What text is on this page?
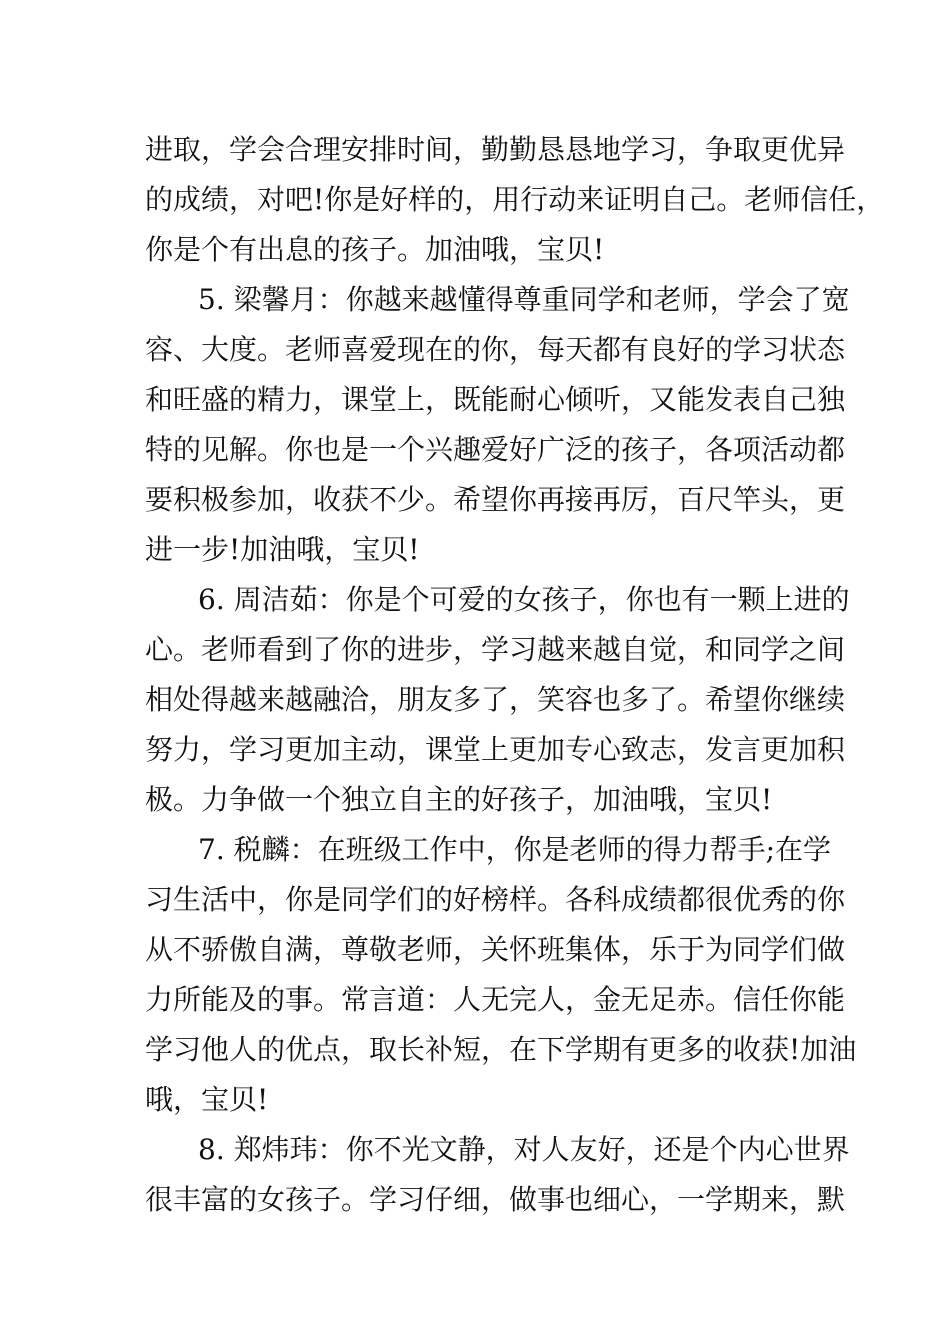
进取，学会合理安排时间，勤勤恳恳地学习，争取更优异
的成绩，对吧!你是好样的，用行动来证明自己。老师信任，
你是个有出息的孩子。加油哦，宝贝!
5. 梁馨月：你越来越懂得尊重同学和老师，学会了宽
容、大度。老师喜爱现在的你，每天都有良好的学习状态
和旺盛的精力，课堂上，既能耐心倾听，又能发表自己独
特的见解。你也是一个兴趣爱好广泛的孩子，各项活动都
要积极参加，收获不少。希望你再接再厉，百尺竿头，更
进一步!加油哦，宝贝!
6. 周洁茹：你是个可爱的女孩子，你也有一颗上进的
心。老师看到了你的进步，学习越来越自觉，和同学之间
相处得越来越融洽，朋友多了，笑容也多了。希望你继续
努力，学习更加主动，课堂上更加专心致志，发言更加积
极。力争做一个独立自主的好孩子，加油哦，宝贝!
7. 税麟：在班级工作中，你是老师的得力帮手;在学
习生活中，你是同学们的好榜样。各科成绩都很优秀的你
从不骄傲自满，尊敬老师，关怀班集体，乐于为同学们做
力所能及的事。常言道：人无完人，金无足赤。信任你能
学习他人的优点，取长补短，在下学期有更多的收获!加油
哦，宝贝!
8. 郑炜玮：你不光文静，对人友好，还是个内心世界
很丰富的女孩子。学习仔细，做事也细心，一学期来，默
